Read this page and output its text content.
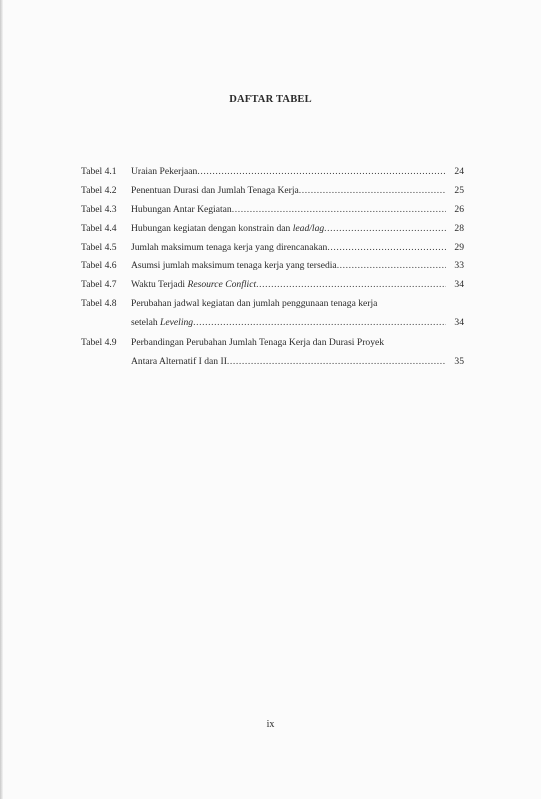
DAFTAR TABEL
Tabel 4.1 Uraian Pekerjaan .....	24
Tabel 4.2 Penentuan Durasi dan Jumlah Tenaga Kerja .....	25
Tabel 4.3 Hubungan Antar Kegiatan .....	26
Tabel 4.4 Hubungan kegiatan dengan konstrain dan lead/lag .....	28
Tabel 4.5 Jumlah maksimum tenaga kerja yang direncanakan .....	29
Tabel 4.6 Asumsi jumlah maksimum tenaga kerja yang tersedia .....	33
Tabel 4.7 Waktu Terjadi Resource Conflict .....	34
Tabel 4.8 Perubahan jadwal kegiatan dan jumlah penggunaan tenaga kerja
setelah Leveling .....	34
Tabel 4.9 Perbandingan Perubahan Jumlah Tenaga Kerja dan Durasi Proyek
Antara Alternatif I dan II .....	35
ix
